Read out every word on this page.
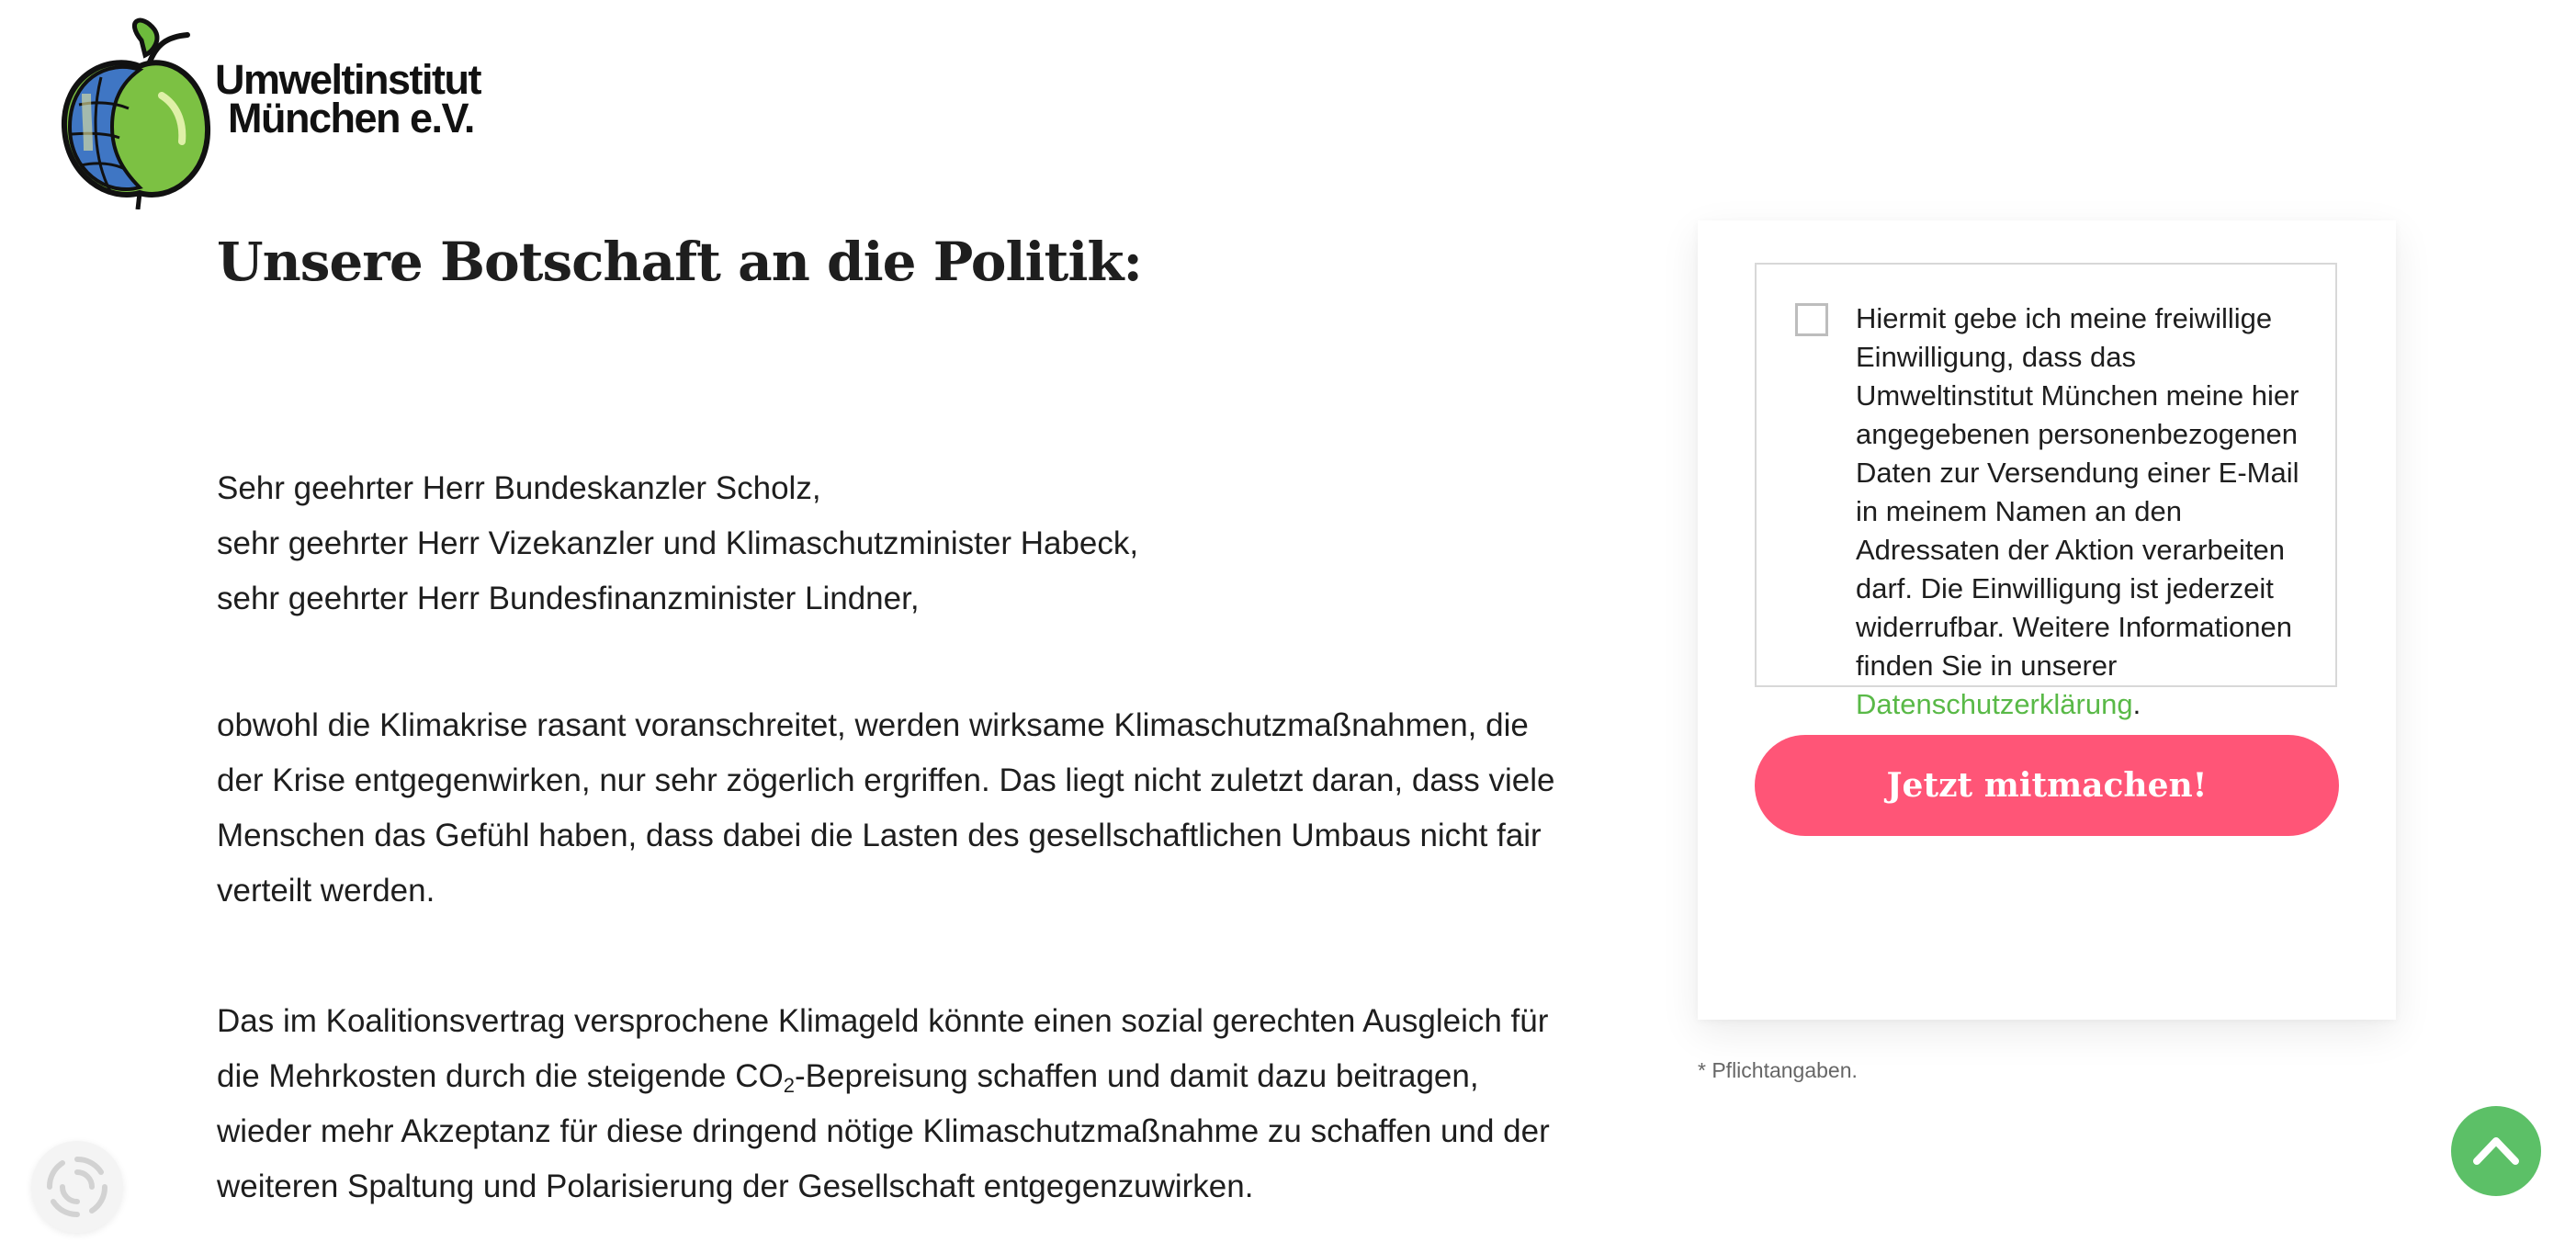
Umweltinstitut
München e.V.
Unsere Botschaft an die Politik:
Sehr geehrter Herr Bundeskanzler Scholz,
sehr geehrter Herr Vizekanzler und Klimaschutzminister Habeck,
sehr geehrter Herr Bundesfinanzminister Lindner,

obwohl die Klimakrise rasant voranschreitet, werden wirksame Klimaschutzmaßnahmen, die der Krise entgegenwirken, nur sehr zögerlich ergriffen. Das liegt nicht zuletzt daran, dass viele Menschen das Gefühl haben, dass dabei die Lasten des gesellschaftlichen Umbaus nicht fair verteilt werden.

Das im Koalitionsvertrag versprochene Klimageld könnte einen sozial gerechten Ausgleich für die Mehrkosten durch die steigende $CO_2$-Bepreisung schaffen und damit dazu beitragen, wieder mehr Akzeptanz für diese dringend nötige Klimaschutzmaßnahme zu schaffen und der weiteren Spaltung und Polarisierung der Gesellschaft entgegenzuwirken.

Hiermit gebe ich meine freiwillige Einwilligung, dass das Umweltinstitut München meine hier angegebenen personenbezogenen Daten zur Versendung einer E-Mail in meinem Namen an den Adressaten der Aktion verarbeiten darf. Die Einwilligung ist jederzeit widerrufbar. Weitere Informationen finden Sie in unserer Datenschutzerklärung.
Jetzt mitmachen!
* Pflichtangaben.
